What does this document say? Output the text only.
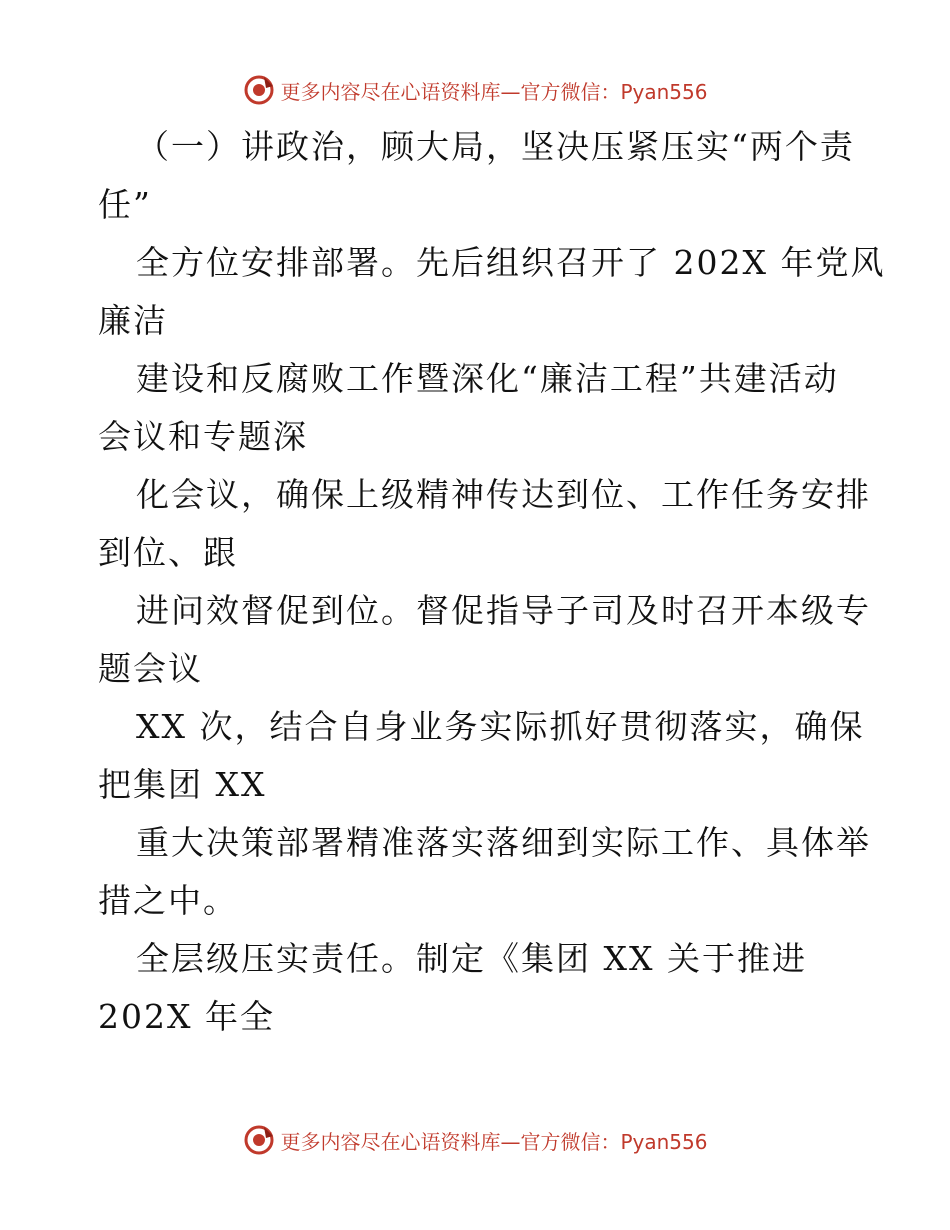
更多内容尽在心语资料库—官方微信：Pyan556
（一）讲政治，顾大局，坚决压紧压实“两个责
任”
全方位安排部署。先后组织召开了 202X 年党风
廉洁
建设和反腐败工作暨深化“廉洁工程”共建活动
会议和专题深
化会议，确保上级精神传达到位、工作任务安排
到位、跟
进问效督促到位。督促指导子司及时召开本级专
题会议
XX 次，结合自身业务实际抓好贯彻落实，确保
把集团 XX
重大决策部署精准落实落细到实际工作、具体举
措之中。
全层级压实责任。制定《集团 XX 关于推进
202X 年全
更多内容尽在心语资料库—官方微信：Pyan556
